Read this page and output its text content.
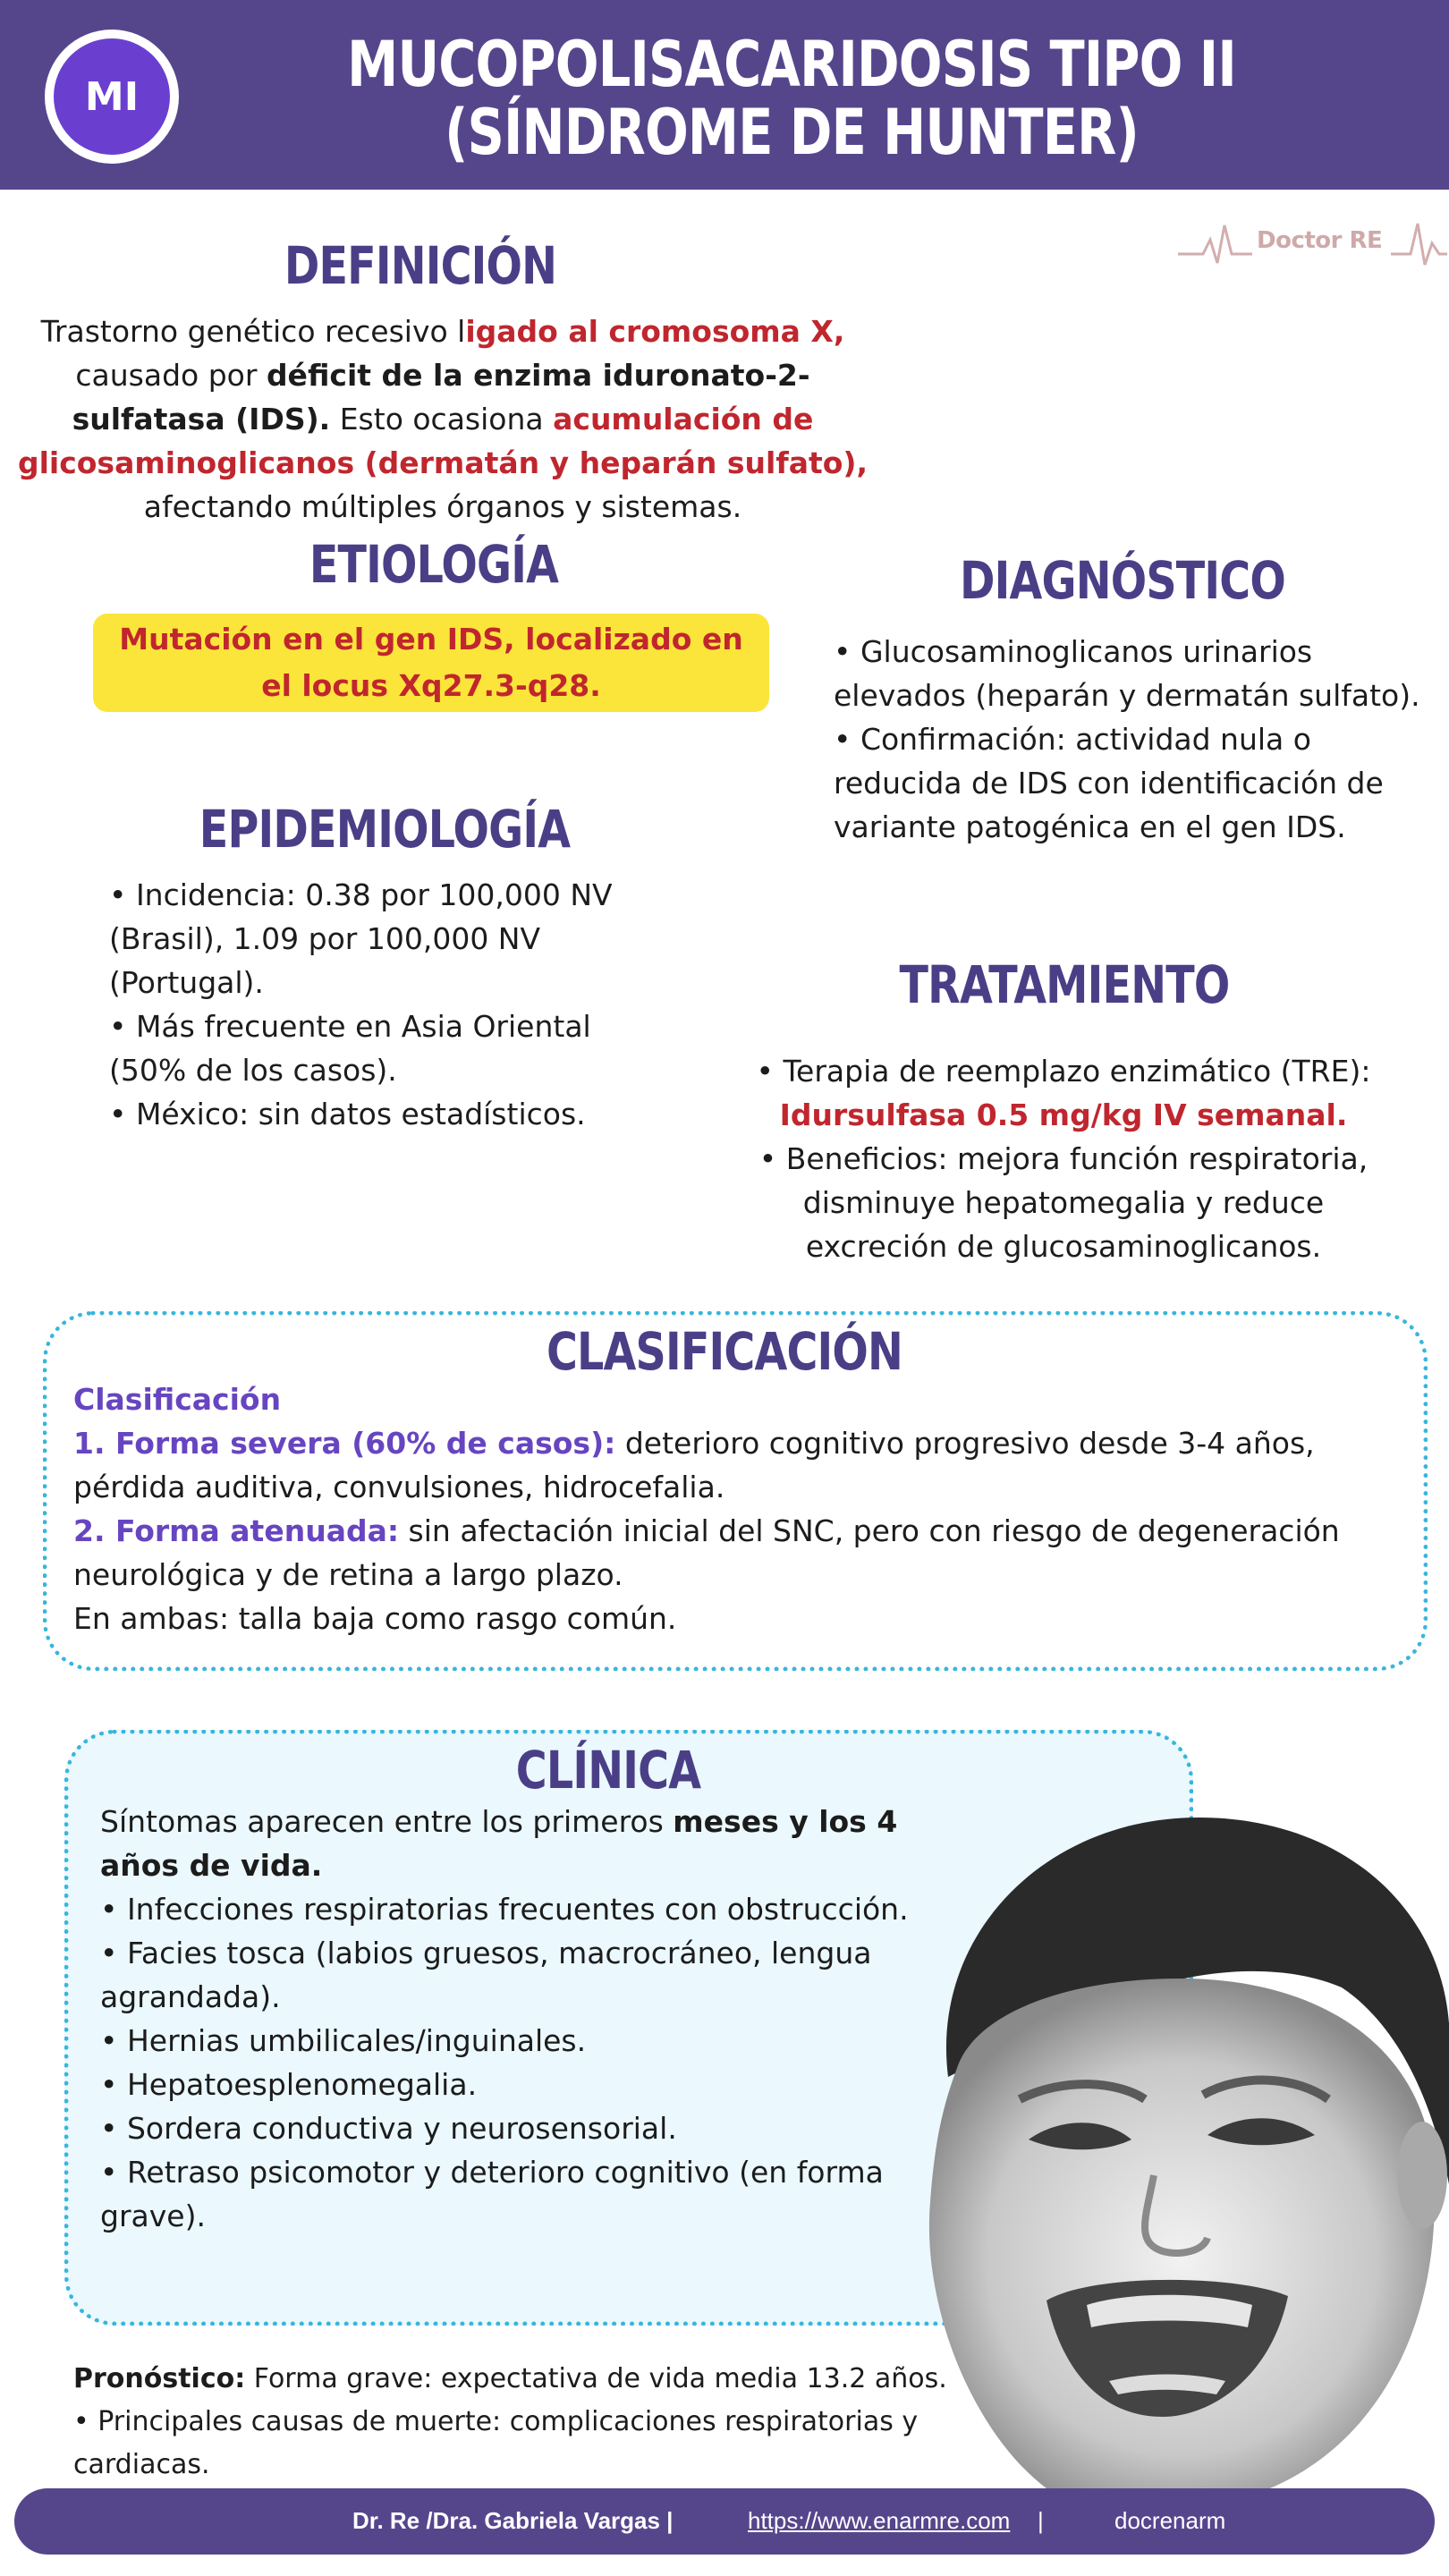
MI	MUCOPOLISACARIDOSIS TIPO II
(SÍNDROME DE HUNTER)
Doctor RE
DEFINICIÓN

Trastorno genético recesivo ligado al cromosoma X,

causado por déficit de la enzima iduronato-2-

sulfatasa (IDS). Esto ocasiona acumulación de

glicosaminoglicanos (dermatán y heparán sulfato),

afectando múltiples órganos y sistemas.

ETIOLOGÍA

Mutación en el gen IDS, localizado en

el locus Xq27.3-q28.

DIAGNÓSTICO

• Glucosaminoglicanos urinarios

elevados (heparán y dermatán sulfato).

• Confirmación: actividad nula o

reducida de IDS con identificación de

variante patogénica en el gen IDS.

EPIDEMIOLOGÍA

• Incidencia: 0.38 por 100,000 NV

(Brasil), 1.09 por 100,000 NV

(Portugal).

• Más frecuente en Asia Oriental

(50% de los casos).

• México: sin datos estadísticos.

TRATAMIENTO

• Terapia de reemplazo enzimático (TRE):

Idursulfasa 0.5 mg/kg IV semanal.

• Beneficios: mejora función respiratoria,

disminuye hepatomegalia y reduce

excreción de glucosaminoglicanos.

CLASIFICACIÓN

Clasificación

1. Forma severa (60% de casos): deterioro cognitivo progresivo desde 3-4 años,

pérdida auditiva, convulsiones, hidrocefalia.

2. Forma atenuada: sin afectación inicial del SNC, pero con riesgo de degeneración

neurológica y de retina a largo plazo.

En ambas: talla baja como rasgo común.

CLÍNICA

Síntomas aparecen entre los primeros meses y los 4

años de vida.

• Infecciones respiratorias frecuentes con obstrucción.

• Facies tosca (labios gruesos, macrocráneo, lengua

agrandada).

• Hernias umbilicales/inguinales.

• Hepatoesplenomegalia.

• Sordera conductiva y neurosensorial.

• Retraso psicomotor y deterioro cognitivo (en forma

grave).

Pronóstico: Forma grave: expectativa de vida media 13.2 años.

• Principales causas de muerte: complicaciones respiratorias y

cardiacas.

Dr. Re /Dra. Gabriela Vargas |	https://www.enarmre.com |	docrenarm
